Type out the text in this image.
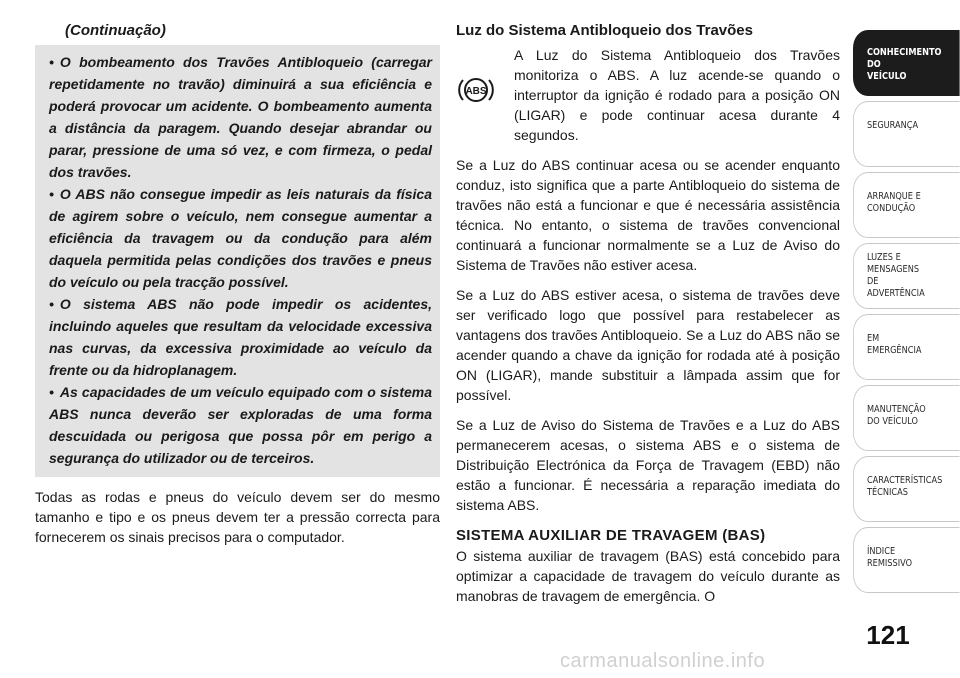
(Continuação)

• O bombeamento dos Travões Antibloqueio (carregar repetidamente no travão) diminuirá a sua eficiência e poderá provocar um acidente. O bombeamento aumenta a distância da paragem. Quando desejar abrandar ou parar, pressione de uma só vez, e com firmeza, o pedal dos travões.

• O ABS não consegue impedir as leis naturais da física de agirem sobre o veículo, nem consegue aumentar a eficiência da travagem ou da condução para além daquela permitida pelas condições dos travões e pneus do veículo ou pela tracção possível.

• O sistema ABS não pode impedir os acidentes, incluindo aqueles que resultam da velocidade excessiva nas curvas, da excessiva proximidade ao veículo da frente ou da hidroplanagem.

• As capacidades de um veículo equipado com o sistema ABS nunca deverão ser exploradas de uma forma descuidada ou perigosa que possa pôr em perigo a segurança do utilizador ou de terceiros.

Todas as rodas e pneus do veículo devem ser do mesmo tamanho e tipo e os pneus devem ter a pressão correcta para fornecerem os sinais precisos para o computador.

Luz do Sistema Antibloqueio dos Travões
ABS
A Luz do Sistema Antibloqueio dos Travões monitoriza o ABS. A luz acende-se quando o interruptor da ignição é rodado para a posição ON (LIGAR) e pode continuar acesa durante 4 segundos.

Se a Luz do ABS continuar acesa ou se acender enquanto conduz, isto significa que a parte Antibloqueio do sistema de travões não está a funcionar e que é necessária assistência técnica. No entanto, o sistema de travões convencional continuará a funcionar normalmente se a Luz de Aviso do Sistema de Travões não estiver acesa.

Se a Luz do ABS estiver acesa, o sistema de travões deve ser verificado logo que possível para restabelecer as vantagens dos travões Antibloqueio. Se a Luz do ABS não se acender quando a chave da ignição for rodada até à posição ON (LIGAR), mande substituir a lâmpada assim que for possível.

Se a Luz de Aviso do Sistema de Travões e a Luz do ABS permanecerem acesas, o sistema ABS e o sistema de Distribuição Electrónica da Força de Travagem (EBD) não estão a funcionar. É necessária a reparação imediata do sistema ABS.

SISTEMA AUXILIAR DE TRAVAGEM (BAS)

O sistema auxiliar de travagem (BAS) está concebido para optimizar a capacidade de travagem do veículo durante as manobras de travagem de emergência. O

CONHECIMENTO
DO
VEÍCULO
SEGURANÇA
ARRANQUE E
CONDUÇÃO
LUZES E
MENSAGENS
DE
ADVERTÊNCIA
EM
EMERGÊNCIA
MANUTENÇÃO
DO VEÍCULO
CARACTERÍSTICAS
TÉCNICAS
ÍNDICE
REMISSIVO
121
carmanualsonline.info
